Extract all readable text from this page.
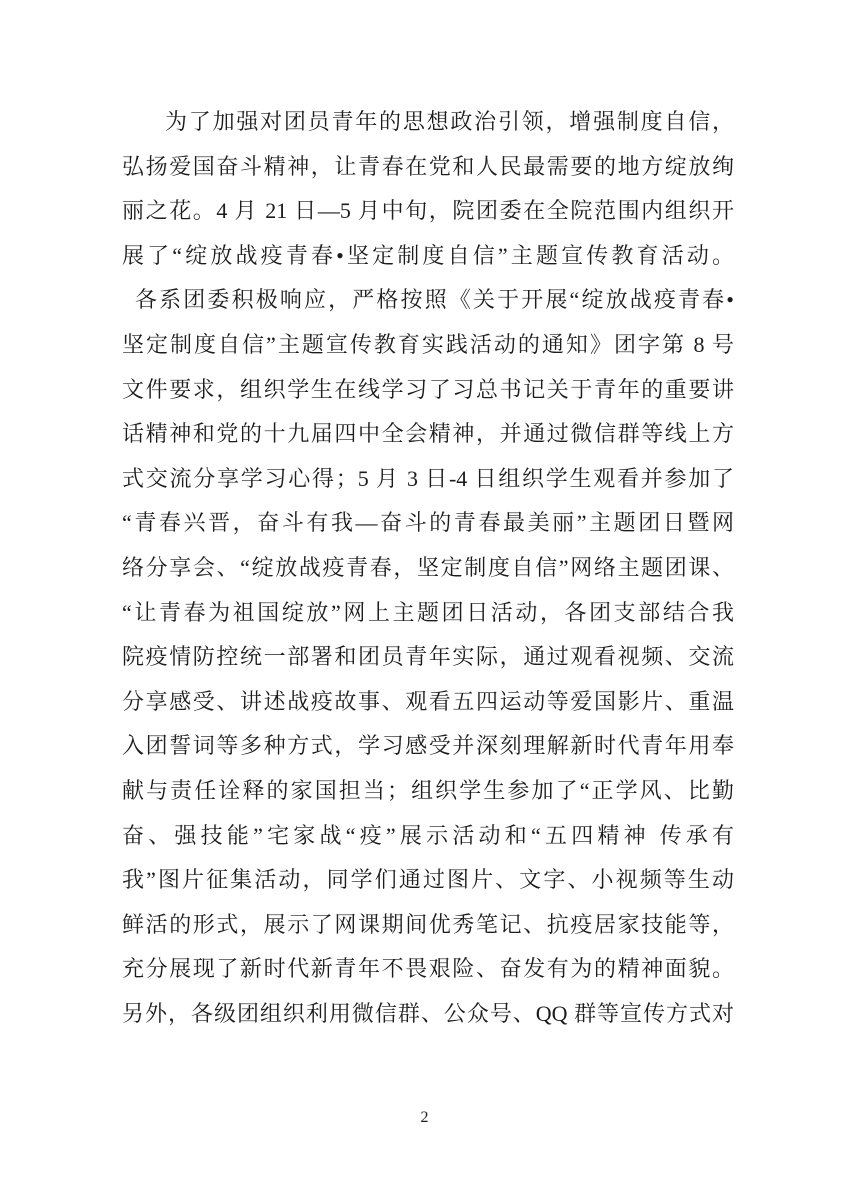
为了加强对团员青年的思想政治引领，增强制度自信，
弘扬爱国奋斗精神，让青春在党和人民最需要的地方绽放绚
丽之花。4 月 21 日—5 月中旬，院团委在全院范围内组织开
展了“绽放战疫青春•坚定制度自信”主题宣传教育活动。
各系团委积极响应，严格按照《关于开展“绽放战疫青春•
坚定制度自信”主题宣传教育实践活动的通知》团字第 8 号
文件要求，组织学生在线学习了习总书记关于青年的重要讲
话精神和党的十九届四中全会精神，并通过微信群等线上方
式交流分享学习心得；5 月 3 日-4 日组织学生观看并参加了
“青春兴晋，奋斗有我—奋斗的青春最美丽”主题团日暨网
络分享会、“绽放战疫青春，坚定制度自信”网络主题团课、
“让青春为祖国绽放”网上主题团日活动，各团支部结合我
院疫情防控统一部署和团员青年实际，通过观看视频、交流
分享感受、讲述战疫故事、观看五四运动等爱国影片、重温
入团誓词等多种方式，学习感受并深刻理解新时代青年用奉
献与责任诠释的家国担当；组织学生参加了“正学风、比勤
奋、强技能”宅家战“疫”展示活动和“五四精神 传承有
我”图片征集活动，同学们通过图片、文字、小视频等生动
鲜活的形式，展示了网课期间优秀笔记、抗疫居家技能等，
充分展现了新时代新青年不畏艰险、奋发有为的精神面貌。
另外，各级团组织利用微信群、公众号、QQ 群等宣传方式对
2
